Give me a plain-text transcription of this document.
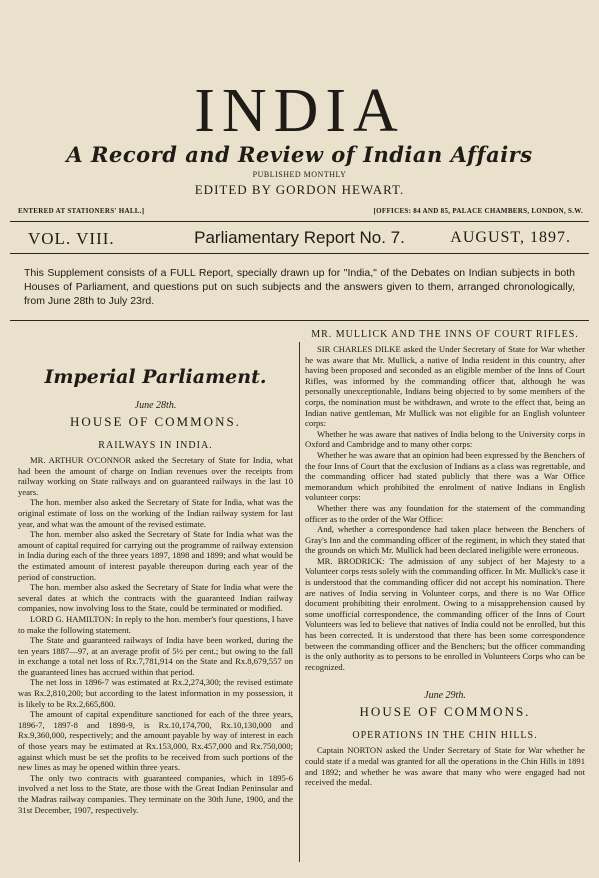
INDIA
A Record and Review of Indian Affairs
PUBLISHED MONTHLY
EDITED BY GORDON HEWART.
ENTERED AT STATIONERS' HALL.]	[OFFICES: 84 AND 85, PALACE CHAMBERS, LONDON, S.W.
VOL. VIII.	Parliamentary Report No. 7.	AUGUST, 1897.
This Supplement consists of a FULL Report, specially drawn up for "India," of the Debates on Indian subjects in both Houses of Parliament, and questions put on such subjects and the answers given to them, arranged chronologically, from June 28th to July 23rd.
Imperial Parliament.
June 28th.
HOUSE OF COMMONS.
RAILWAYS IN INDIA.

MR. ARTHUR O'CONNOR asked the Secretary of State for India, what had been the amount of charge on Indian revenues over the receipts from railway working on State railways and on guaranteed railways in the last 10 years.

The hon. member also asked the Secretary of State for India, what was the original estimate of loss on the working of the Indian railway system for last year, and what was the amount of the revised estimate.

The hon. member also asked the Secretary of State for India what was the amount of capital required for carrying out the programme of railway extension in India during each of the three years 1897, 1898 and 1899; and what would be the estimated amount of interest payable thereupon during each year of the period of construction.

The hon. member also asked the Secretary of State for India what were the several dates at which the contracts with the guaranteed Indian railway companies, now involving loss to the State, could be terminated or modified.

LORD G. HAMILTON: In reply to the hon. member's four questions, I have to make the following statement.

The State and guaranteed railways of India have been worked, during the ten years 1887—97, at an average profit of 5½ per cent.; but owing to the fall in exchange a total net loss of Rx.7,781,914 on the State and Rx.8,679,557 on the guaranteed lines has accrued within that period.

The net loss in 1896-7 was estimated at Rx.2,274,300; the revised estimate was Rx.2,810,200; but according to the latest information in my possession, it is likely to be Rx.2,665,800.

The amount of capital expenditure sanctioned for each of the three years, 1896-7, 1897-8 and 1898-9, is Rx.10,174,700, Rx.10,130,000 and Rx.9,360,000, respectively; and the amount payable by way of interest in each of those years may be estimated at Rx.153,000, Rx.457,000 and Rx.750,000; against which must be set the profits to be received from such portions of the new lines as may be opened within three years.

The only two contracts with guaranteed companies, which in 1895-6 involved a net loss to the State, are those with the Great Indian Peninsular and the Madras railway companies. They terminate on the 30th June, 1900, and the 31st December, 1907, respectively.

MR. MULLICK AND THE INNS OF COURT RIFLES.

SIR CHARLES DILKE asked the Under Secretary of State for War whether he was aware that Mr. Mullick, a native of India resident in this country, after having been proposed and seconded as an eligible member of the Inns of Court Rifles, was informed by the commanding officer that, although he was personally unexceptionable, Indians being objected to by some members of the corps, the nomination must be withdrawn, and wrote to the effect that, being an Indian native gentleman, Mr Mullick was not eligible for an English volunteer corps:

Whether he was aware that natives of India belong to the University corps in Oxford and Cambridge and to many other corps:

Whether he was aware that an opinion had been expressed by the Benchers of the four Inns of Court that the exclusion of Indians as a class was regrettable, and the commanding officer had stated publicly that there was a War Office memorandum which prohibited the enrolment of native Indians in English volunteer corps:

Whether there was any foundation for the statement of the commanding officer as to the order of the War Office:

And, whether a correspondence had taken place between the Benchers of Gray's Inn and the commanding officer of the regiment, in which they stated that the grounds on which Mr. Mullick had been declared ineligible were erroneous.

MR. BRODRICK: The admission of any subject of her Majesty to a Volunteer corps rests solely with the commanding officer. In Mr. Mullick's case it is understood that the commanding officer did not accept his nomination. There are natives of India serving in Volunteer corps, and there is no War Office document prohibiting their enrolment. Owing to a misapprehension caused by some unofficial correspondence, the commanding officer of the Inns of Court Volunteers was led to believe that natives of India could not be enrolled, but this has been corrected. It is understood that there has been some correspondence between the commanding officer and the Benchers; but the officer commanding is the only authority as to persons to be enrolled in Volunteers Corps who can be recognized.

June 29th.
HOUSE OF COMMONS.
OPERATIONS IN THE CHIN HILLS.

Captain NORTON asked the Under Secretary of State for War whether he could state if a medal was granted for all the operations in the Chin Hills in 1891 and 1892; and whether he was aware that many who were engaged had not received the medal.
